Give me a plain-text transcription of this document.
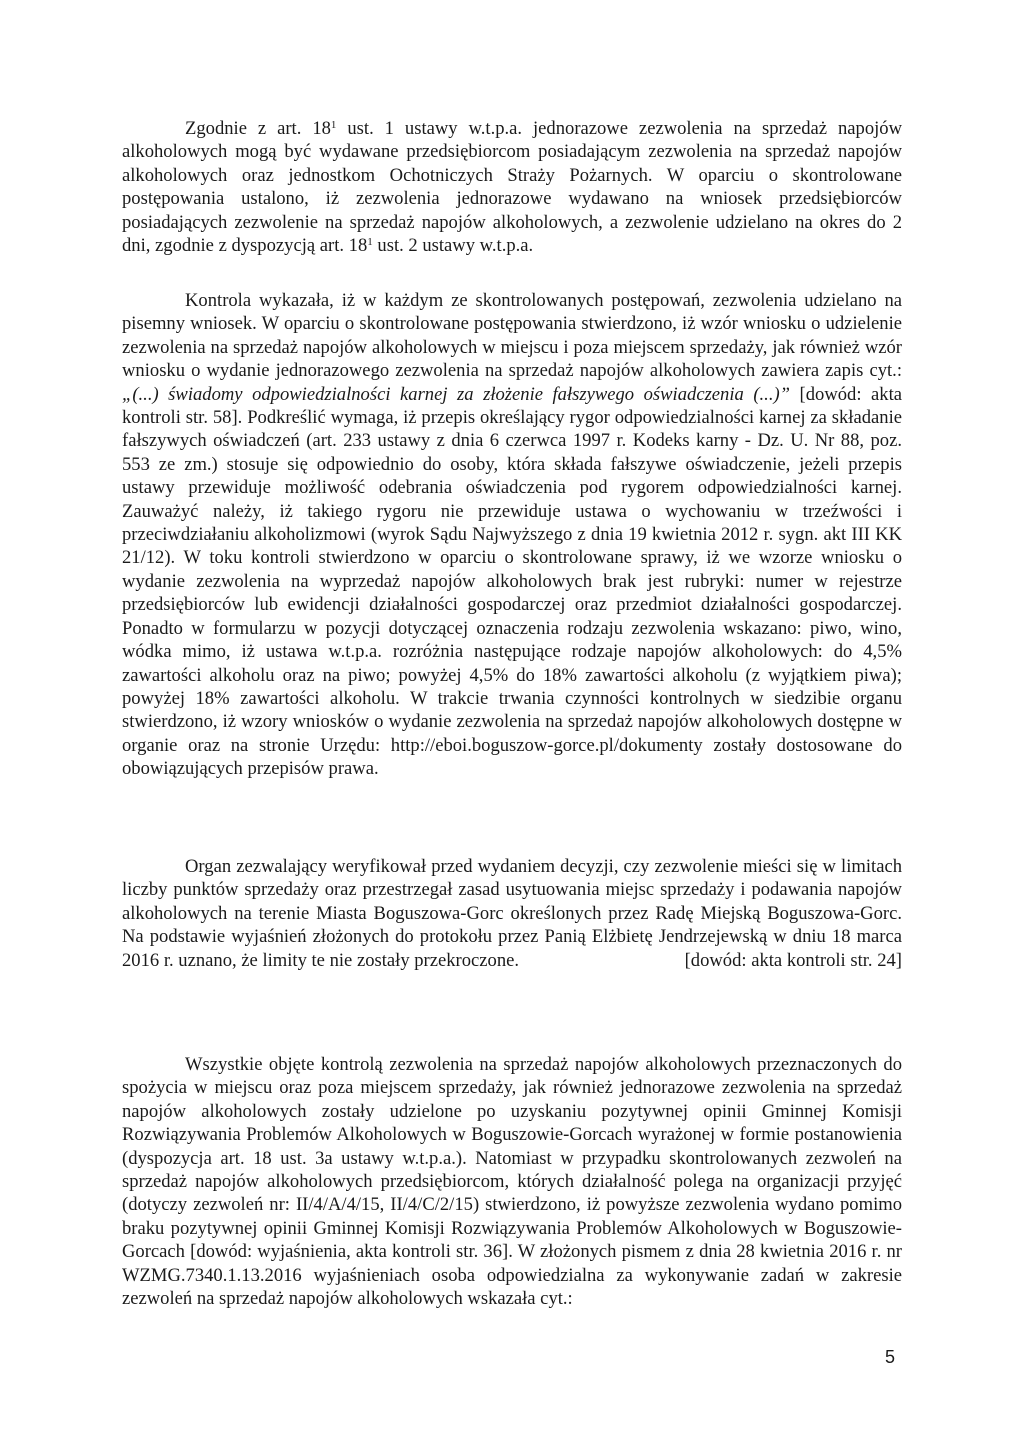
Zgodnie z art. $18^1$ ust. 1 ustawy w.t.p.a. jednorazowe zezwolenia na sprzedaż napojów alkoholowych mogą być wydawane przedsiębiorcom posiadającym zezwolenia na sprzedaż napojów alkoholowych oraz jednostkom Ochotniczych Straży Pożarnych. W oparciu o skontrolowane postępowania ustalono, iż zezwolenia jednorazowe wydawano na wniosek przedsiębiorców posiadających zezwolenie na sprzedaż napojów alkoholowych, a zezwolenie udzielano na okres do 2 dni, zgodnie z dyspozycją art. $18^1$ ust. 2 ustawy w.t.p.a.

Kontrola wykazała, iż w każdym ze skontrolowanych postępowań, zezwolenia udzielano na pisemny wniosek. W oparciu o skontrolowane postępowania stwierdzono, iż wzór wniosku o udzielenie zezwolenia na sprzedaż napojów alkoholowych w miejscu i poza miejscem sprzedaży, jak również wzór wniosku o wydanie jednorazowego zezwolenia na sprzedaż napojów alkoholowych zawiera zapis cyt.: „(...) świadomy odpowiedzialności karnej za złożenie fałszywego oświadczenia (...)” [dowód: akta kontroli str. 58]. Podkreślić wymaga, iż przepis określający rygor odpowiedzialności karnej za składanie fałszywych oświadczeń (art. 233 ustawy z dnia 6 czerwca 1997 r. Kodeks karny - Dz. U. Nr 88, poz. 553 ze zm.) stosuje się odpowiednio do osoby, która składa fałszywe oświadczenie, jeżeli przepis ustawy przewiduje możliwość odebrania oświadczenia pod rygorem odpowiedzialności karnej. Zauważyć należy, iż takiego rygoru nie przewiduje ustawa o wychowaniu w trzeźwości i przeciwdziałaniu alkoholizmowi (wyrok Sądu Najwyższego z dnia 19 kwietnia 2012 r. sygn. akt III KK 21/12). W toku kontroli stwierdzono w oparciu o skontrolowane sprawy, iż we wzorze wniosku o wydanie zezwolenia na wyprzedaż napojów alkoholowych brak jest rubryki: numer w rejestrze przedsiębiorców lub ewidencji działalności gospodarczej oraz przedmiot działalności gospodarczej. Ponadto w formularzu w pozycji dotyczącej oznaczenia rodzaju zezwolenia wskazano: piwo, wino, wódka mimo, iż ustawa w.t.p.a. rozróżnia następujące rodzaje napojów alkoholowych: do 4,5% zawartości alkoholu oraz na piwo; powyżej 4,5% do 18% zawartości alkoholu (z wyjątkiem piwa); powyżej 18% zawartości alkoholu. W trakcie trwania czynności kontrolnych w siedzibie organu stwierdzono, iż wzory wniosków o wydanie zezwolenia na sprzedaż napojów alkoholowych dostępne w organie oraz na stronie Urzędu: http://eboi.boguszow-gorce.pl/dokumenty zostały dostosowane do obowiązujących przepisów prawa.

Organ zezwalający weryfikował przed wydaniem decyzji, czy zezwolenie mieści się w limitach liczby punktów sprzedaży oraz przestrzegał zasad usytuowania miejsc sprzedaży i podawania napojów alkoholowych na terenie Miasta Boguszowa-Gorc określonych przez Radę Miejską Boguszowa-Gorc. Na podstawie wyjaśnień złożonych do protokołu przez Panią Elżbietę Jendrzejewską w dniu 18 marca 2016 r. uznano, że limity te nie zostały przekroczone.	[dowód: akta kontroli str. 24]

Wszystkie objęte kontrolą zezwolenia na sprzedaż napojów alkoholowych przeznaczonych do spożycia w miejscu oraz poza miejscem sprzedaży, jak również jednorazowe zezwolenia na sprzedaż napojów alkoholowych zostały udzielone po uzyskaniu pozytywnej opinii Gminnej Komisji Rozwiązywania Problemów Alkoholowych w Boguszowie-Gorcach wyrażonej w formie postanowienia (dyspozycja art. 18 ust. 3a ustawy w.t.p.a.). Natomiast w przypadku skontrolowanych zezwoleń na sprzedaż napojów alkoholowych przedsiębiorcom, których działalność polega na organizacji przyjęć (dotyczy zezwoleń nr: II/4/A/4/15, II/4/C/2/15) stwierdzono, iż powyższe zezwolenia wydano pomimo braku pozytywnej opinii Gminnej Komisji Rozwiązywania Problemów Alkoholowych w Boguszowie-Gorcach [dowód: wyjaśnienia, akta kontroli str. 36]. W złożonych pismem z dnia 28 kwietnia 2016 r. nr WZMG.7340.1.13.2016 wyjaśnieniach osoba odpowiedzialna za wykonywanie zadań w zakresie zezwoleń na sprzedaż napojów alkoholowych wskazała cyt.:

5
